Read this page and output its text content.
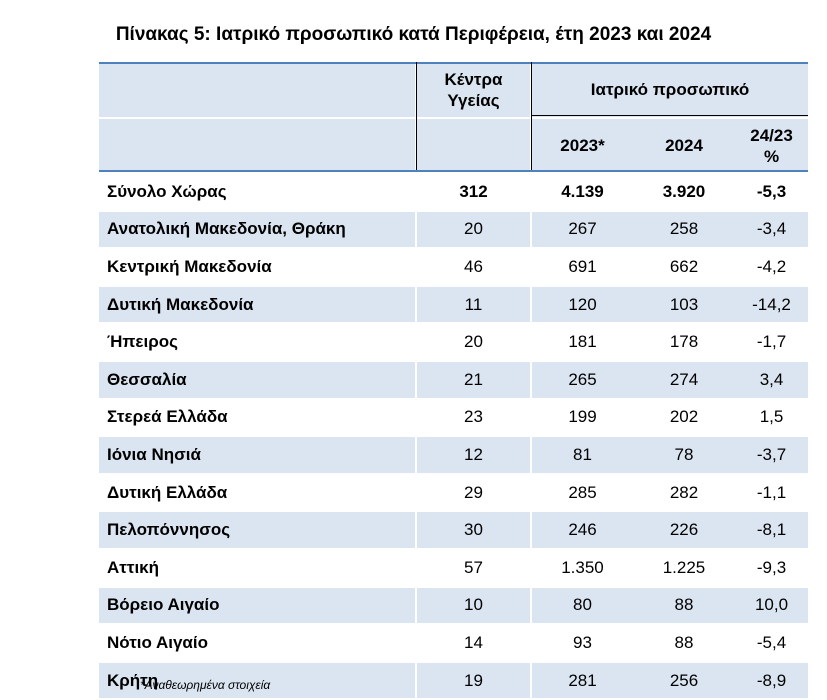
Πίνακας 5: Ιατρικό προσωπικό κατά Περιφέρεια, έτη 2023 και 2024

	Κέντρα Υγείας	Ιατρικό προσωπικό		
		2023*	2024	24/23 %

Σύνολο Χώρας	312	4.139	3.920	-5,3
Ανατολική Μακεδονία, Θράκη	20	267	258	-3,4
Κεντρική Μακεδονία	46	691	662	-4,2
Δυτική Μακεδονία	11	120	103	-14,2
Ήπειρος	20	181	178	-1,7
Θεσσαλία	21	265	274	3,4
Στερεά Ελλάδα	23	199	202	1,5
Ιόνια Νησιά	12	81	78	-3,7
Δυτική Ελλάδα	29	285	282	-1,1
Πελοπόννησος	30	246	226	-8,1
Αττική	57	1.350	1.225	-9,3
Βόρειο Αιγαίο	10	80	88	10,0
Νότιο Αιγαίο	14	93	88	-5,4
Κρήτη	19	281	256	-8,9
*Αναθεωρημένα στοιχεία
